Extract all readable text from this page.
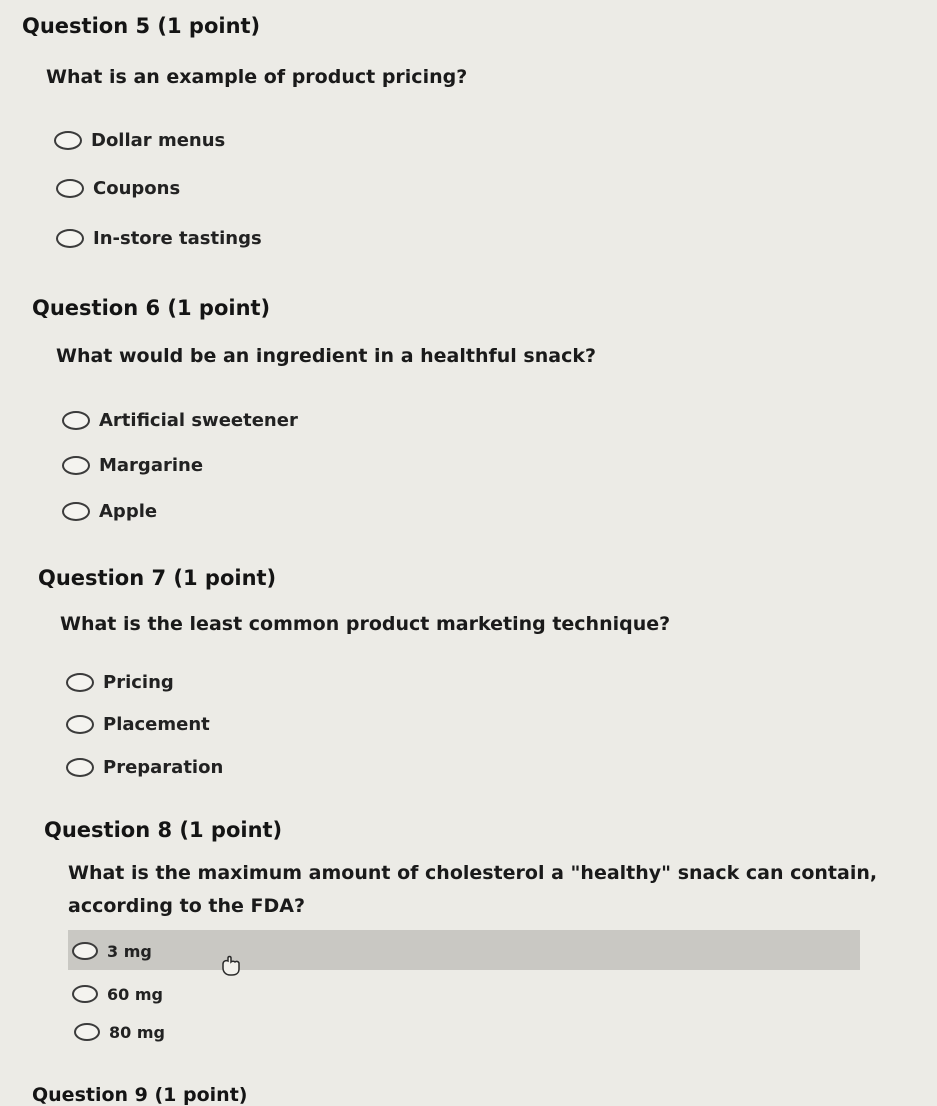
Question 5 (1 point)
What is an example of product pricing?
Dollar menus
Coupons
In-store tastings
Question 6 (1 point)
What would be an ingredient in a healthful snack?
Artificial sweetener
Margarine
Apple
Question 7 (1 point)
What is the least common product marketing technique?
Pricing
Placement
Preparation
Question 8 (1 point)
What is the maximum amount of cholesterol a "healthy" snack can contain, according to the FDA?
3 mg
60 mg
80 mg
Question 9 (1 point)
